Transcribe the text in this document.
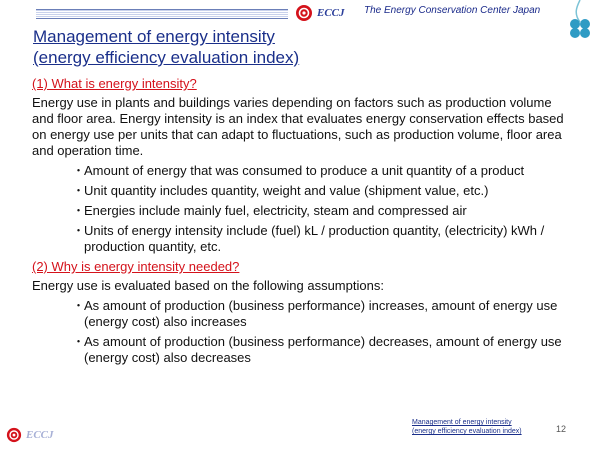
ECCJ The Energy Conservation Center Japan
Management of energy intensity
(energy efficiency evaluation index)
(1) What is energy intensity?

Energy use in plants and buildings varies depending on factors such as production volume and floor area. Energy intensity is an index that evaluates energy conservation effects based on energy use per units that can adapt to fluctuations, such as production volume, floor area and operation time.

・
Amount of energy that was consumed to produce a unit quantity of a product
・
Unit quantity includes quantity, weight and value (shipment value, etc.)
・
Energies include mainly fuel, electricity, steam and compressed air
・
Units of energy intensity include (fuel) kL / production quantity, (electricity) kWh / production quantity, etc.
(2) Why is energy intensity needed?

Energy use is evaluated based on the following assumptions:

・
As amount of production (business performance) increases, amount of energy use (energy cost) also increases
・
As amount of production (business performance) decreases, amount of energy use (energy cost) also decreases
ECCJ
Management of energy intensity
(energy efficiency evaluation index)	12
